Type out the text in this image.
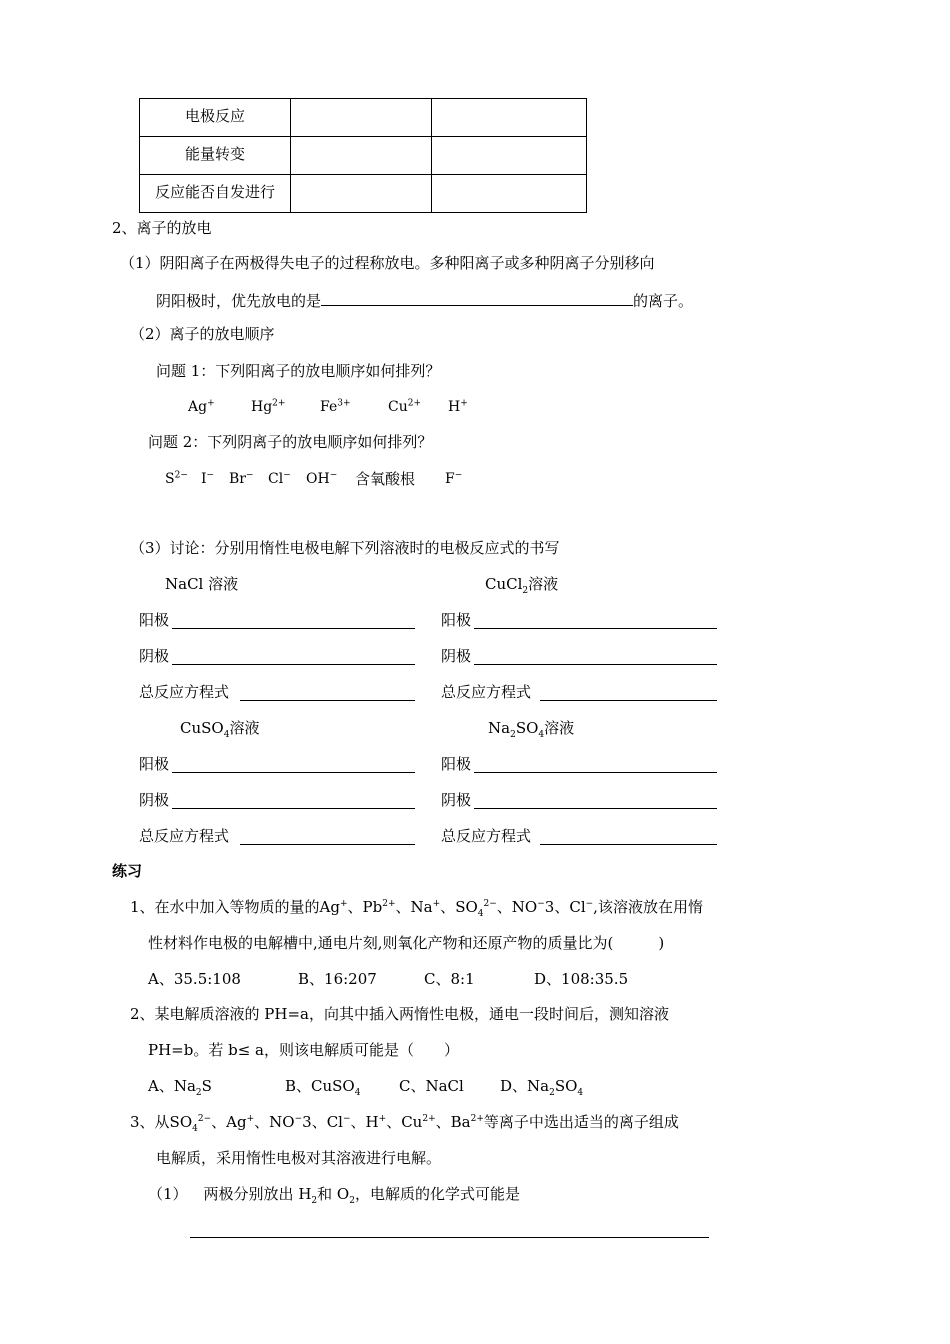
电极反应		
能量转变		
反应能否自发进行		
2、离子的放电
（1）阴阳离子在两极得失电子的过程称放电。多种阳离子或多种阴离子分别移向
阴阳极时，优先放电的是	的离子。
（2）离子的放电顺序
问题 1：下列阳离子的放电顺序如何排列？
Ag+	$Hg^{2+}$ $Fe^{3+}$	$Cu^{2+}$ H+
问题 2：下列阴离子的放电顺序如何排列？
$S^{2-}$ I− Br− Cl− OH− 含氧酸根 F−
（3）讨论：分别用惰性电极电解下列溶液时的电极反应式的书写
NaCl 溶液	CuCl$_2$溶液
阳极	阳极
阴极	阴极
总反应方程式	总反应方程式
CuSO$_4$溶液	$Na_2SO_4$溶液
阳极	阳极
阴极	阴极
总反应方程式	总反应方程式
练习
1、在水中加入等物质的量的Ag+、$Pb^{2+}$、Na+、$SO_4^{2-}$、NO−3、Cl−,该溶液放在用惰
性材料作电极的电解槽中,通电片刻,则氧化产物和还原产物的质量比为(　　　)
A、35.5:108	B、16:207	C、8:1	D、108:35.5
2、某电解质溶液的 PH=a，向其中插入两惰性电极，通电一段时间后，测知溶液
PH=b。若 b≤ a，则该电解质可能是（　　）
A、$Na_2S$	B、CuSO$_4$	C、NaCl D、$Na_2SO_4$
3、从$SO_4^{2-}$、Ag+、NO−3、Cl−、H+、$Cu^{2+}$、$Ba^{2+}$等离子中选出适当的离子组成
电解质，采用惰性电极对其溶液进行电解。
（1） 两极分别放出 $H_2$和 $O_2$，电解质的化学式可能是
